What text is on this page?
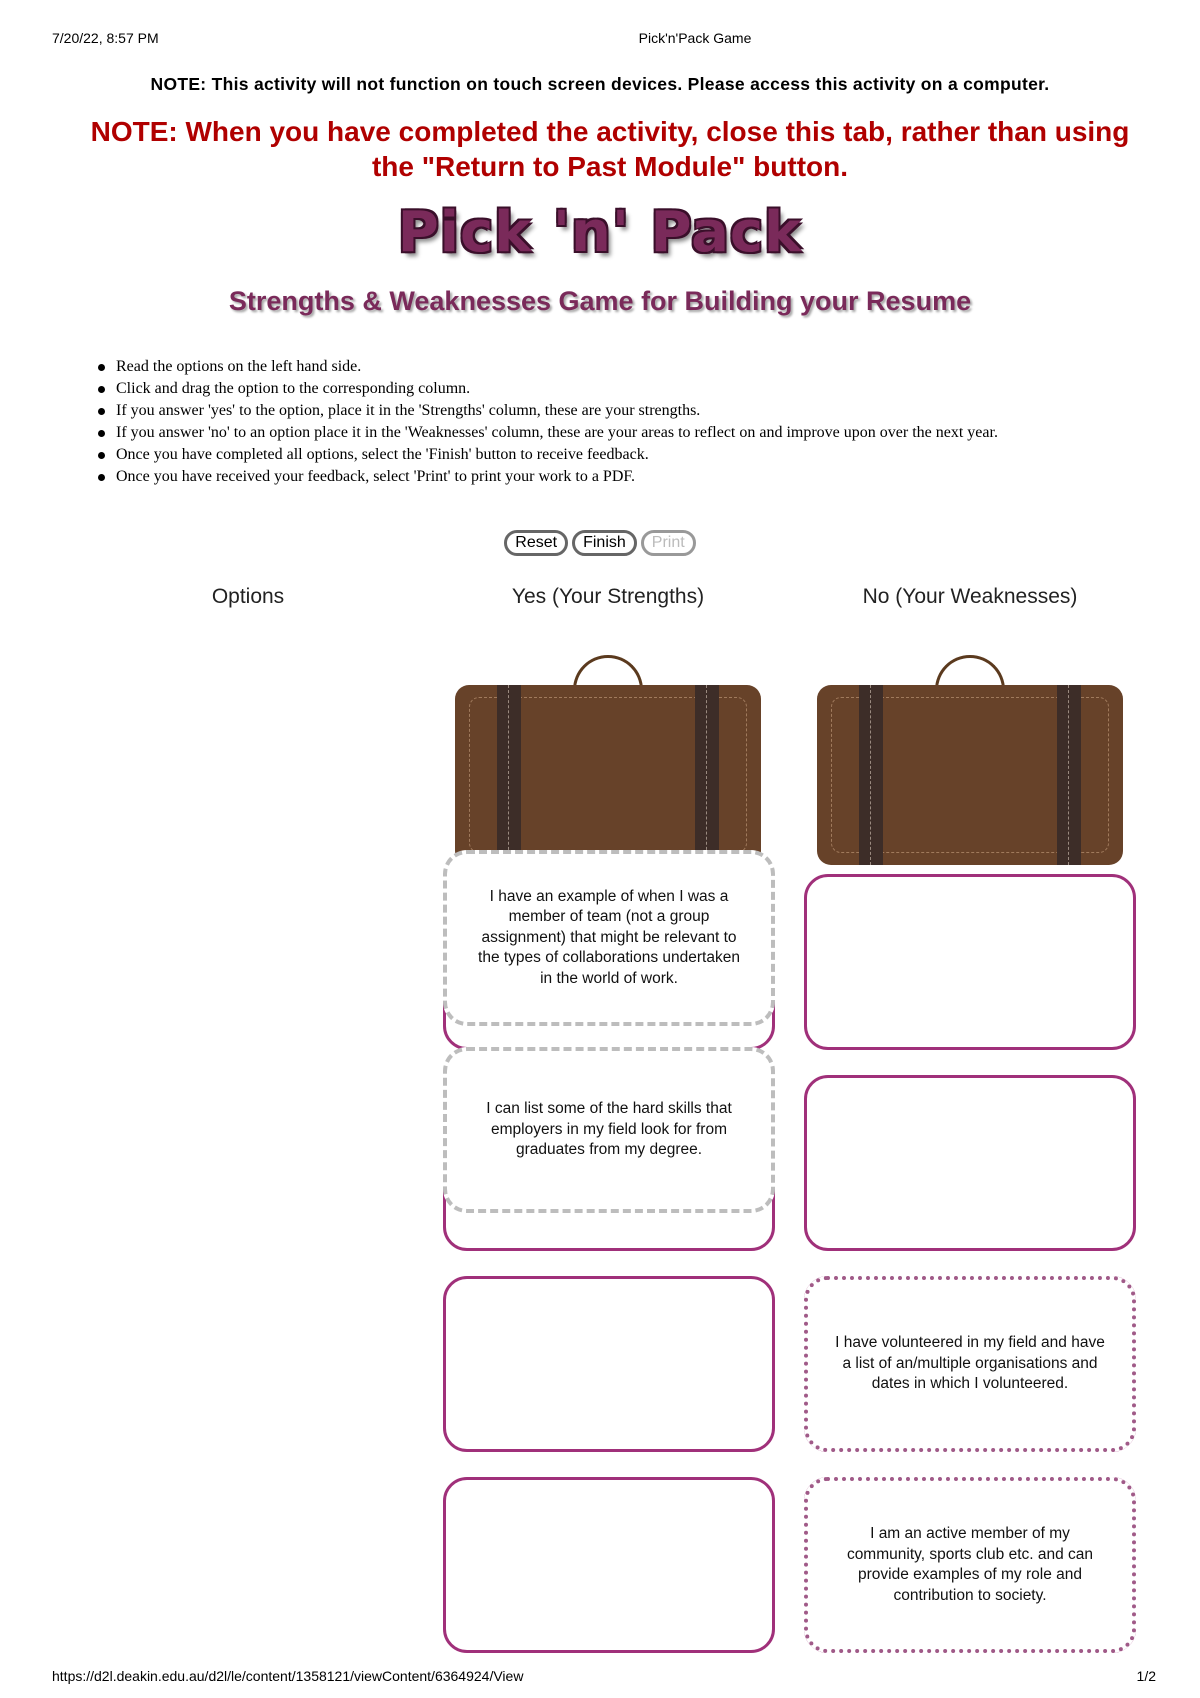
7/20/22, 8:57 PM	Pick'n'Pack Game
NOTE: This activity will not function on touch screen devices. Please access this activity on a computer.
NOTE: When you have completed the activity, close this tab, rather than using the "Return to Past Module" button.
Pick 'n' Pack
Strengths & Weaknesses Game for Building your Resume
Read the options on the left hand side.
Click and drag the option to the corresponding column.
If you answer 'yes' to the option, place it in the 'Strengths' column, these are your strengths.
If you answer 'no' to an option place it in the 'Weaknesses' column, these are your areas to reflect on and improve upon over the next year.
Once you have completed all options, select the 'Finish' button to receive feedback.
Once you have received your feedback, select 'Print' to print your work to a PDF.
Reset	Finish	Print
Options	Yes (Your Strengths)	No (Your Weaknesses)
I have an example of when I was a member of team (not a group assignment) that might be relevant to the types of collaborations undertaken in the world of work.
I can list some of the hard skills that employers in my field look for from graduates from my degree.
I have volunteered in my field and have a list of an/multiple organisations and dates in which I volunteered.
I am an active member of my community, sports club etc. and can provide examples of my role and contribution to society.
https://d2l.deakin.edu.au/d2l/le/content/1358121/viewContent/6364924/View	1/2
